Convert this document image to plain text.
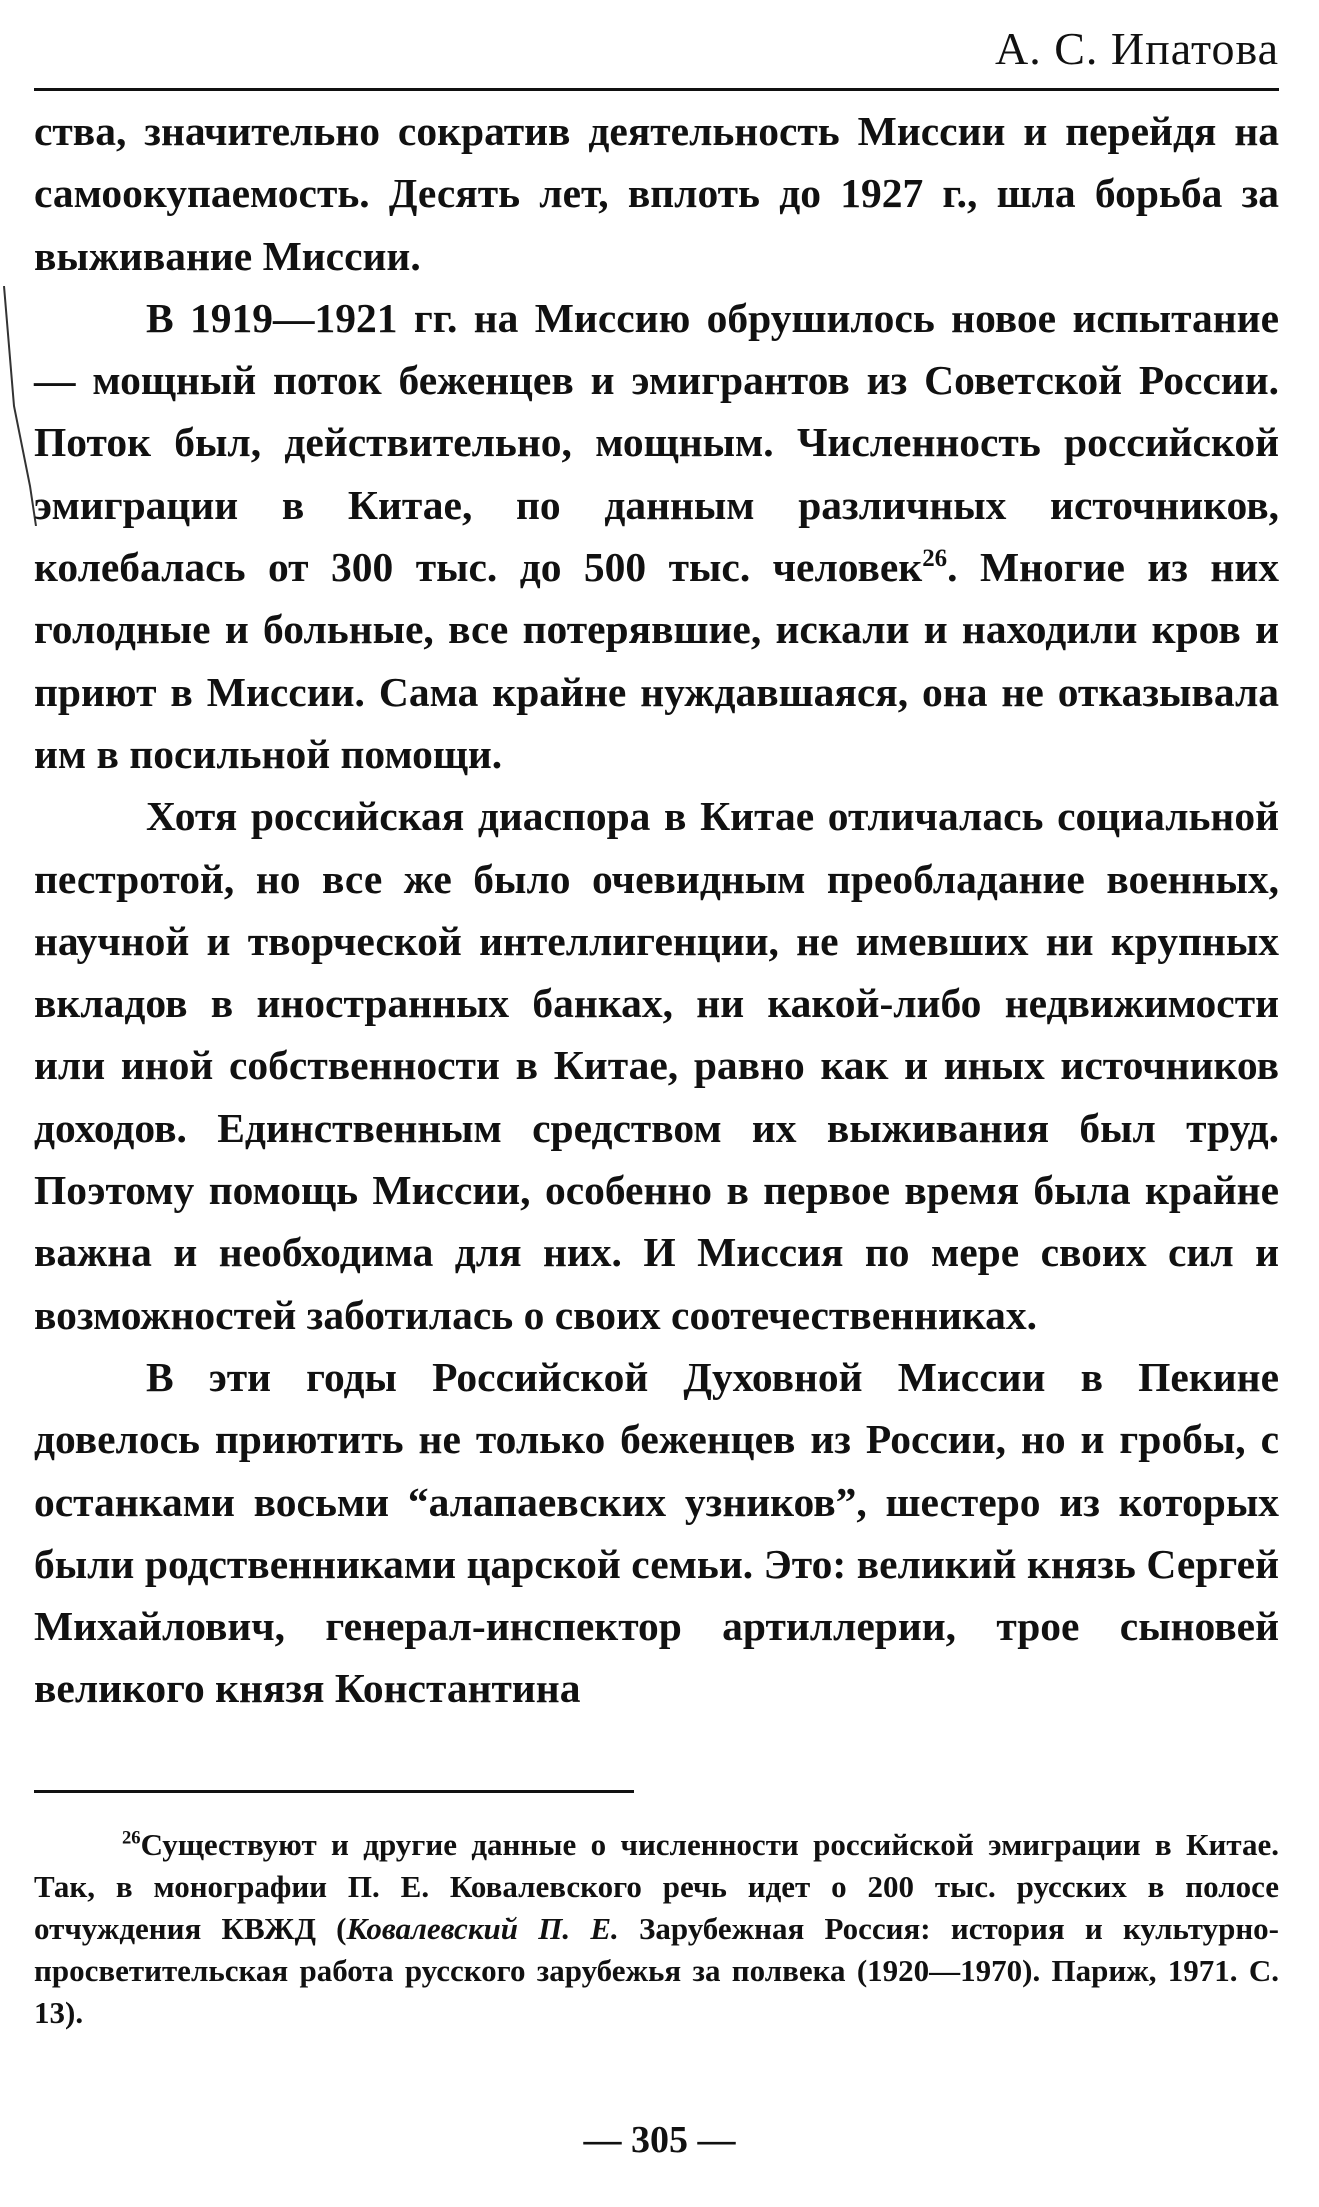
А. С. Ипатова

ства, значительно сократив деятельность Миссии и перейдя на самоокупаемость. Десять лет, вплоть до 1927 г., шла борьба за выживание Миссии.

В 1919—1921 гг. на Миссию обрушилось новое испытание — мощный поток беженцев и эмигрантов из Советской России. Поток был, действительно, мощным. Численность российской эмиграции в Китае, по данным различных источников, колебалась от 300 тыс. до 500 тыс. человек$^{26}$. Многие из них голодные и больные, все потерявшие, искали и находили кров и приют в Миссии. Сама крайне нуждавшаяся, она не отказывала им в посильной помощи.

Хотя российская диаспора в Китае отличалась социальной пестротой, но все же было очевидным преобладание военных, научной и творческой интеллигенции, не имевших ни крупных вкладов в иностранных банках, ни какой-либо недвижимости или иной собственности в Китае, равно как и иных источников доходов. Единственным средством их выживания был труд. Поэтому помощь Миссии, особенно в первое время была крайне важна и необходима для них. И Миссия по мере своих сил и возможностей заботилась о своих соотечественниках.

В эти годы Российской Духовной Миссии в Пекине довелось приютить не только беженцев из России, но и гробы, с останками восьми “алапаевских узников”, шестеро из которых были родственниками царской семьи. Это: великий князь Сергей Михайлович, генерал-инспектор артиллерии, трое сыновей великого князя Константина

$^{26}$Существуют и другие данные о численности российской эмиграции в Китае. Так, в монографии П. Е. Ковалевского речь идет о 200 тыс. русских в полосе отчуждения КВЖД (Ковалевский П. Е. Зарубежная Россия: история и культурно-просветительская работа русского зарубежья за полвека (1920—1970). Париж, 1971. С. 13).

— 305 —
